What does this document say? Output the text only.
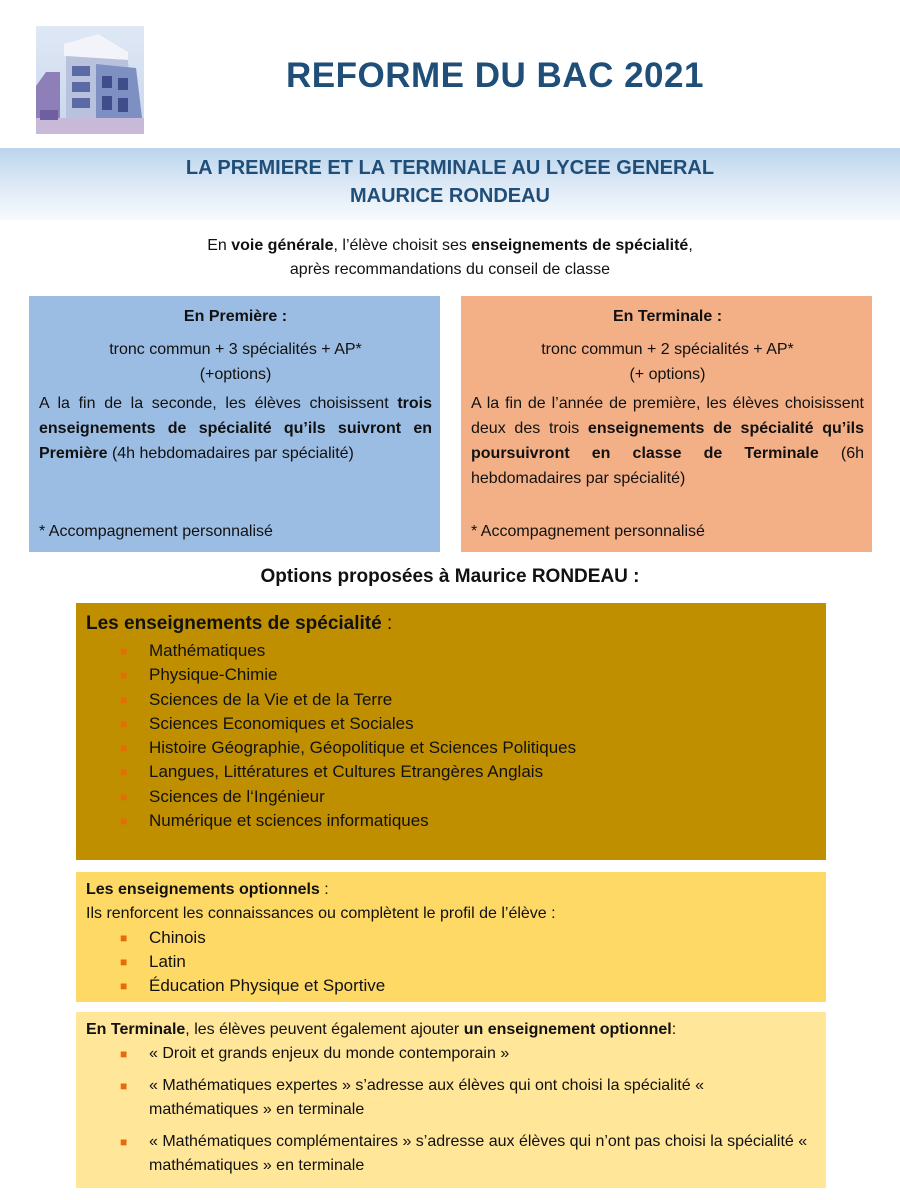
REFORME DU BAC 2021
LA PREMIERE ET LA TERMINALE AU LYCEE GENERAL
MAURICE RONDEAU
En voie générale, l’élève choisit ses enseignements de spécialité,
après recommandations du conseil de classe
En Première :
tronc commun + 3 spécialités + AP*
(+options)
A la fin de la seconde, les élèves choisissent trois enseignements de spécialité qu’ils suivront en Première (4h hebdomadaires par spécialité)
* Accompagnement personnalisé
En Terminale :
tronc commun + 2 spécialités + AP*
(+ options)
A la fin de l’année de première, les élèves choisissent deux des trois enseignements de spécialité qu’ils poursuivront en classe de Terminale (6h hebdomadaires par spécialité)
* Accompagnement personnalisé
Options proposées à Maurice RONDEAU :
Les enseignements de spécialité :
■ Mathématiques
■ Physique-Chimie
■ Sciences de la Vie et de la Terre
■ Sciences Economiques et Sociales
■ Histoire Géographie, Géopolitique et Sciences Politiques
■ Langues, Littératures et Cultures Etrangères Anglais
■ Sciences de l‘Ingénieur
■ Numérique et sciences informatiques
Les enseignements optionnels :
Ils renforcent les connaissances ou complètent le profil de l’élève :
■ Chinois
■ Latin
■ Éducation Physique et Sportive
En Terminale, les élèves peuvent également ajouter un enseignement optionnel:
■ « Droit et grands enjeux du monde contemporain »
■ « Mathématiques expertes » s’adresse aux élèves qui ont choisi la spécialité « mathématiques » en terminale
■ « Mathématiques complémentaires » s’adresse aux élèves qui n’ont pas choisi la spécialité « mathématiques » en terminale
